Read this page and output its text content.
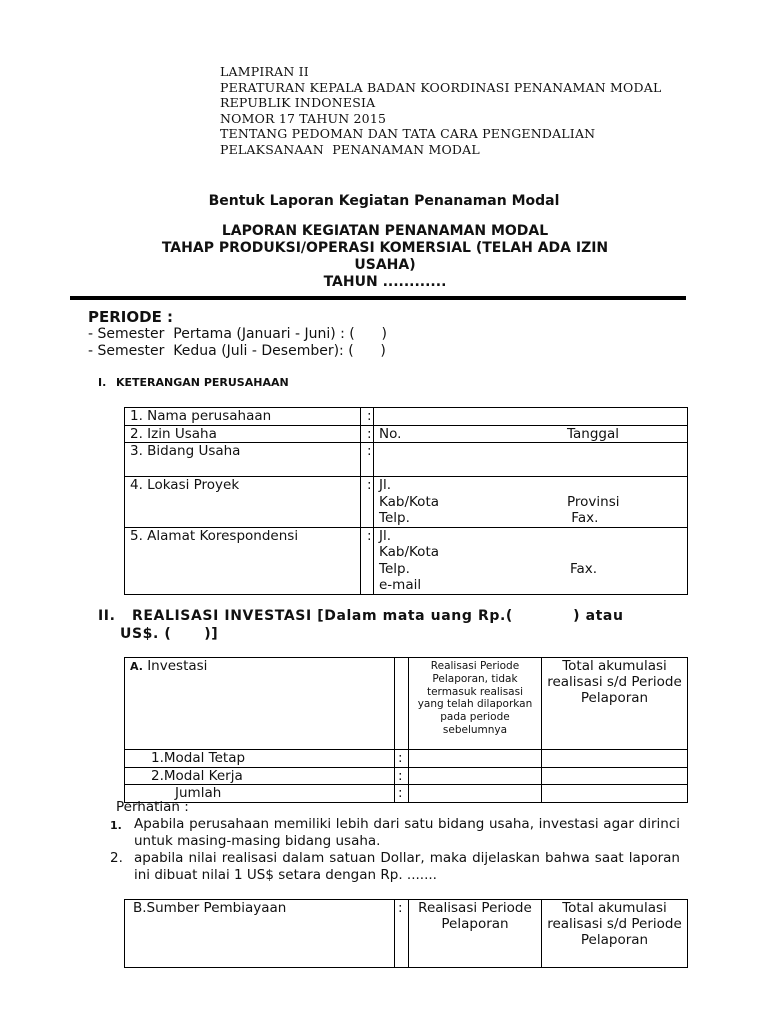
LAMPIRAN II
PERATURAN KEPALA BADAN KOORDINASI PENANAMAN MODAL
REPUBLIK INDONESIA
NOMOR 17 TAHUN 2015
TENTANG PEDOMAN DAN TATA CARA PENGENDALIAN
PELAKSANAAN  PENANAMAN MODAL
Bentuk Laporan Kegiatan Penanaman Modal
LAPORAN KEGIATAN PENANAMAN MODAL
TAHAP PRODUKSI/OPERASI KOMERSIAL (TELAH ADA IZIN
USAHA)
TAHUN ............
PERIODE :
- Semester  Pertama (Januari - Juni) : (      )
- Semester  Kedua (Juli - Desember): (      )
I. KETERANGAN PERUSAHAAN
1. Nama perusahaan	:	
2. Izin Usaha	:	No. Tanggal

3. Bidang Usaha	:	
4. Lokasi Proyek	:	Jl.
Kab/Kota Provinsi
Telp. Fax.

5. Alamat Korespondensi	:	Jl.
Kab/Kota
Telp. Fax.
e-mail
II. REALISASI INVESTASI [Dalam mata uang Rp.(           ) atau
US$. (      )]
A. Investasi		Realisasi Periode Pelaporan, tidak termasuk realisasi yang telah dilaporkan pada periode sebelumnya	Total akumulasi realisasi s/d Periode Pelaporan
1.Modal Tetap	:		
2.Modal Kerja	:		
Jumlah	:		
Perhatian :
1. Apabila perusahaan memiliki lebih dari satu bidang usaha, investasi agar dirinci untuk masing-masing bidang usaha.
2. apabila nilai realisasi dalam satuan Dollar, maka dijelaskan bahwa saat laporan ini dibuat nilai 1 US$ setara dengan Rp. .......
B.Sumber Pembiayaan	:	Realisasi Periode Pelaporan	Total akumulasi realisasi s/d Periode Pelaporan
